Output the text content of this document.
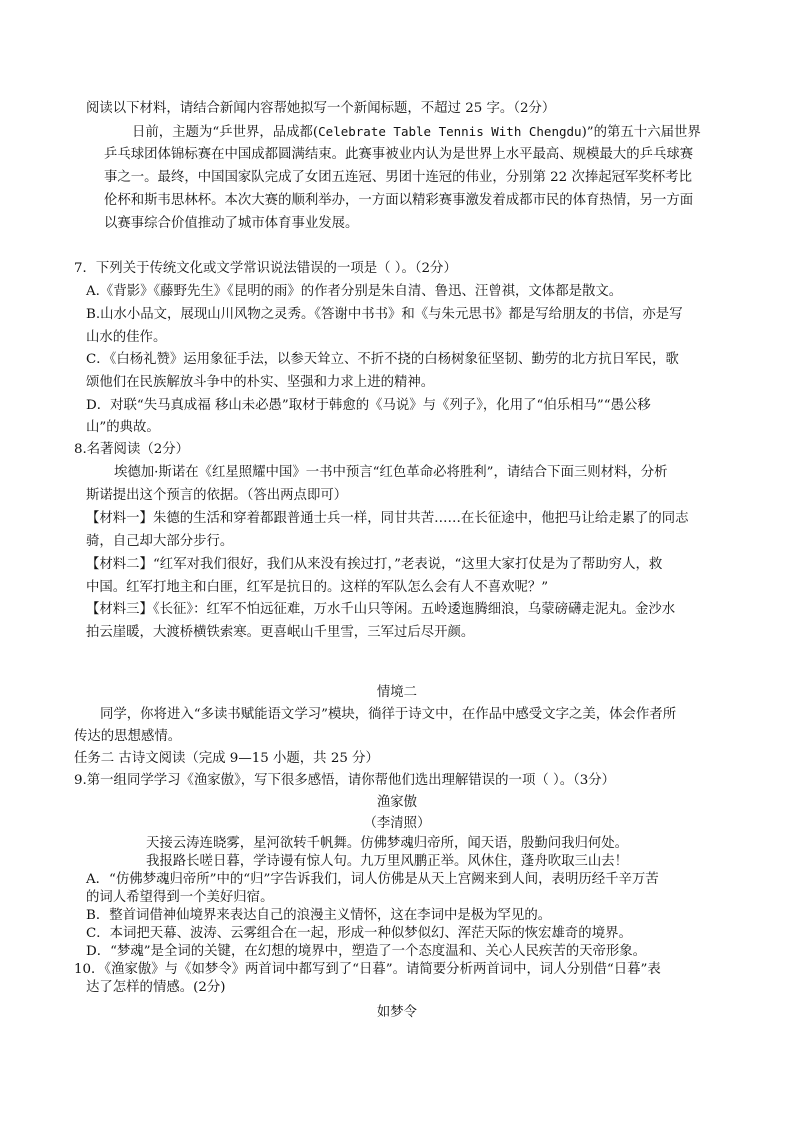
阅读以下材料，请结合新闻内容帮她拟写一个新闻标题，不超过 25 字。（2分）
日前，主题为“乒世界，品成都(Celebrate Table Tennis With Chengdu)”的第五十六届世界
乒乓球团体锦标赛在中国成都圆满结束。此赛事被业内认为是世界上水平最高、规模最大的乒乓球赛
事之一。最终，中国国家队完成了女团五连冠、男团十连冠的伟业，分别第 22 次捧起冠军奖杯考比
伦杯和斯韦思林杯。本次大赛的顺利举办，一方面以精彩赛事激发着成都市民的体育热情，另一方面
以赛事综合价值推动了城市体育事业发展。
7．下列关于传统文化或文学常识说法错误的一项是（ ）。（2分）
A.《背影》《藤野先生》《昆明的雨》的作者分别是朱自清、鲁迅、汪曾祺，文体都是散文。
B.山水小品文，展现山川风物之灵秀。《答谢中书书》和《与朱元思书》都是写给朋友的书信，亦是写
山水的佳作。
C．《白杨礼赞》运用象征手法，以参天耸立、不折不挠的白杨树象征坚韧、勤劳的北方抗日军民，歌
颂他们在民族解放斗争中的朴实、坚强和力求上进的精神。
D．对联“失马真成福 移山未必愚”取材于韩愈的《马说》与《列子》，化用了“伯乐相马”“愚公移
山”的典故。
8.名著阅读（2分）
埃德加·斯诺在《红星照耀中国》一书中预言“红色革命必将胜利”，请结合下面三则材料，分析
斯诺提出这个预言的依据。（答出两点即可）
【材料一】朱德的生活和穿着都跟普通士兵一样，同甘共苦……在长征途中，他把马让给走累了的同志
骑，自己却大部分步行。
【材料二】“红军对我们很好，我们从来没有挨过打，”老表说，“这里大家打仗是为了帮助穷人，救
中国。红军打地主和白匪，红军是抗日的。这样的军队怎么会有人不喜欢呢？”
【材料三】《长征》：红军不怕远征难，万水千山只等闲。五岭逶迤腾细浪，乌蒙磅礴走泥丸。金沙水
拍云崖暖，大渡桥横铁索寒。更喜岷山千里雪，三军过后尽开颜。
情境二
同学，你将进入“多读书赋能语文学习”模块，徜徉于诗文中，在作品中感受文字之美，体会作者所
传达的思想感情。
任务二 古诗文阅读（完成 9—15 小题，共 25 分）
9.第一组同学学习《渔家傲》，写下很多感悟，请你帮他们选出理解错误的一项（ ）。（3分）
渔家傲
（李清照）
天接云涛连晓雾，星河欲转千帆舞。仿佛梦魂归帝所，闻天语，殷勤问我归何处。
我报路长嗟日暮，学诗谩有惊人句。九万里风鹏正举。风休住，蓬舟吹取三山去！
A．“仿佛梦魂归帝所”中的“归”字告诉我们，词人仿佛是从天上宫阙来到人间，表明历经千辛万苦
的词人希望得到一个美好归宿。
B．整首词借神仙境界来表达自己的浪漫主义情怀，这在李词中是极为罕见的。
C．本词把天幕、波涛、云雾组合在一起，形成一种似梦似幻、浑茫天际的恢宏雄奇的境界。
D．“梦魂”是全词的关键，在幻想的境界中，塑造了一个态度温和、关心人民疾苦的天帝形象。
10．《渔家傲》与《如梦令》两首词中都写到了“日暮”。请简要分析两首词中，词人分别借“日暮”表
达了怎样的情感。(2分)
如梦令
